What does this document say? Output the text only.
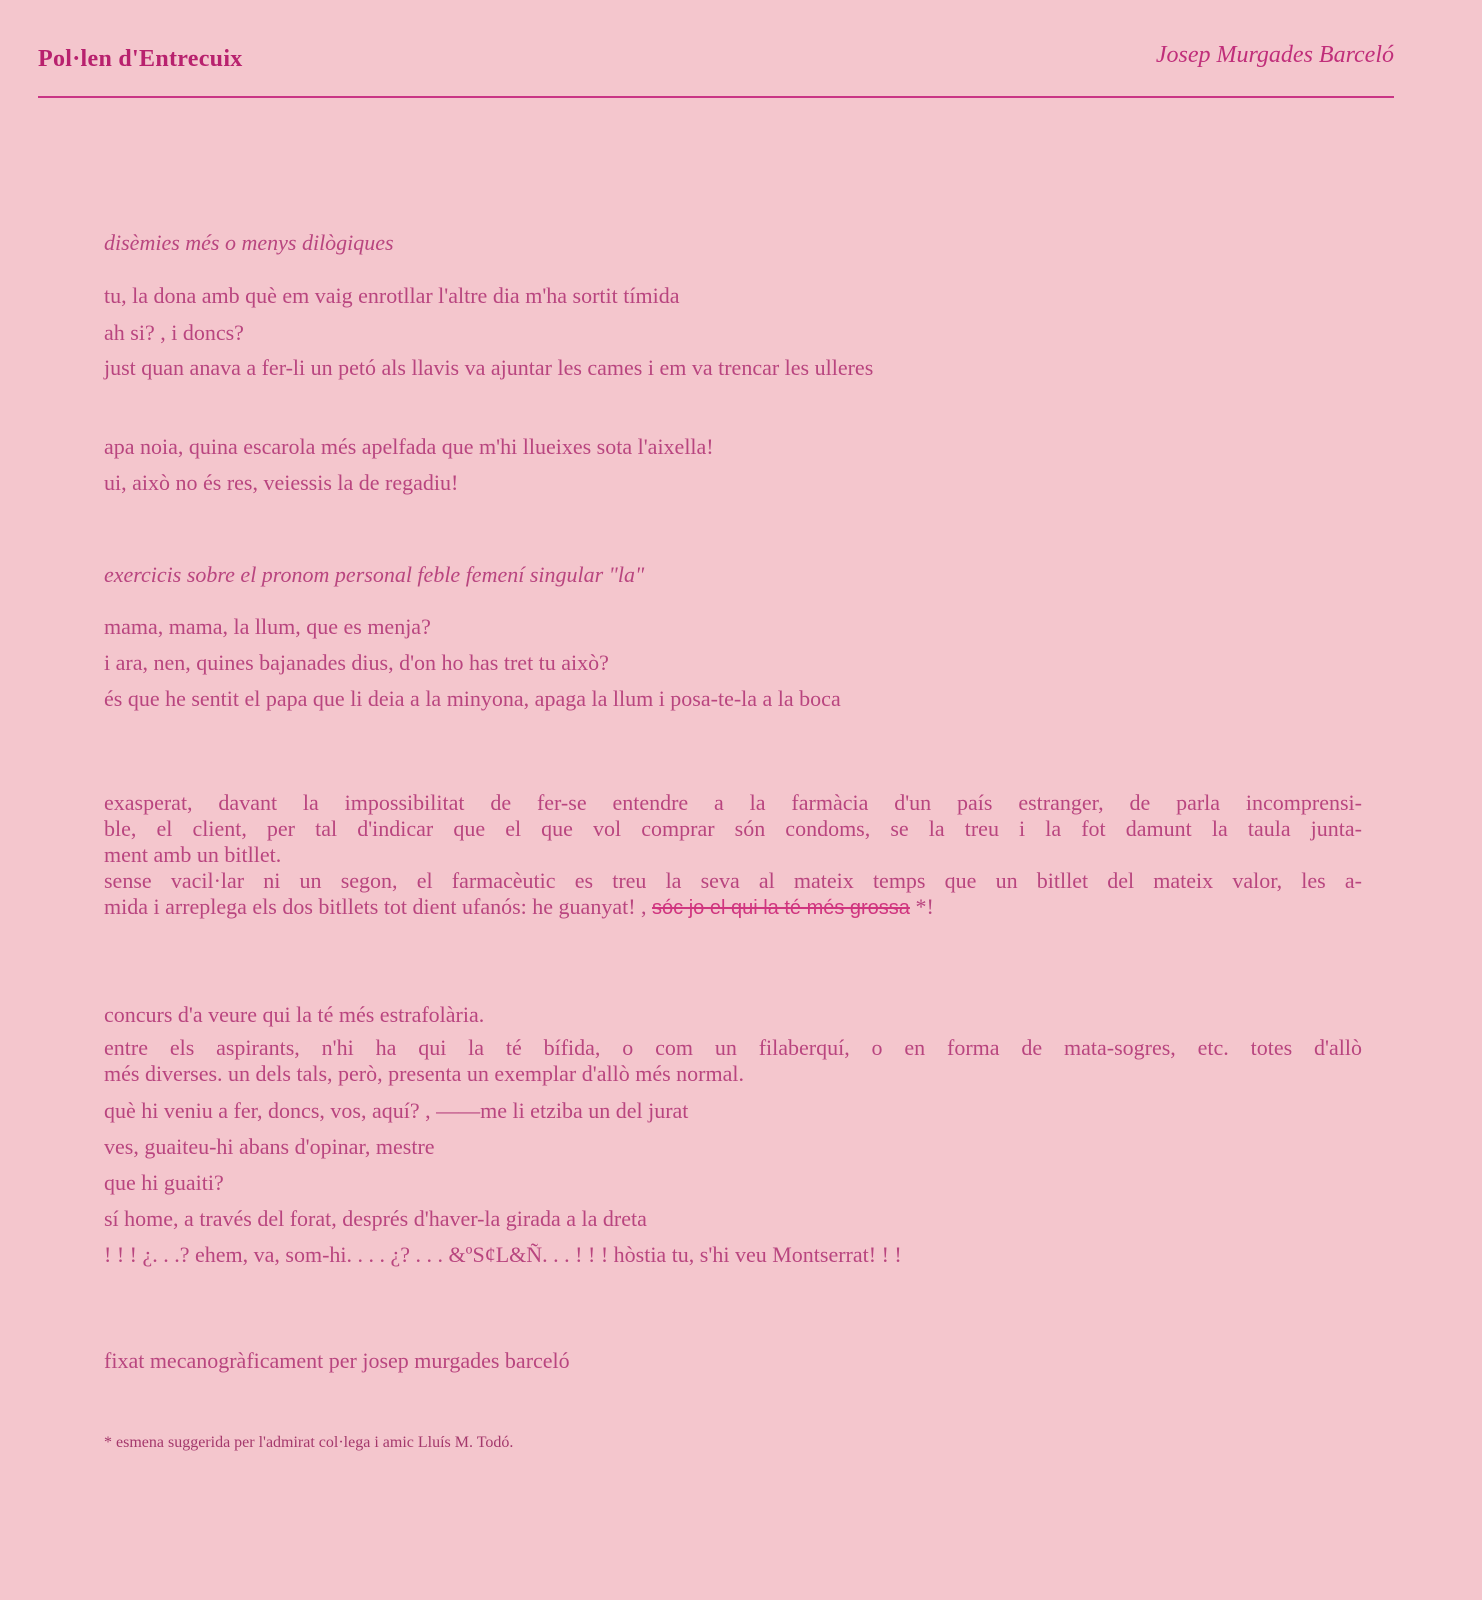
Pol·len d'Entrecuix	Josep Murgades Barceló
disèmies més o menys dilògiques
tu, la dona amb què em vaig enrotllar l'altre dia m'ha sortit tímida
ah si? , i doncs?
just quan anava a fer-li un petó als llavis va ajuntar les cames i em va trencar les ulleres
apa noia, quina escarola més apelfada que m'hi llueixes sota l'aixella!
ui, això no és res, veiessis la de regadiu!
exercicis sobre el pronom personal feble femení singular "la"
mama, mama, la llum, que es menja?
i ara, nen, quines bajanades dius, d'on ho has tret tu això?
és que he sentit el papa que li deia a la minyona, apaga la llum i posa-te-la a la boca
exasperat, davant la impossibilitat de fer-se entendre a la farmàcia d'un país estranger, de parla incomprensi-
ble, el client, per tal d'indicar que el que vol comprar són condoms, se la treu i la fot damunt la taula junta-
ment amb un bitllet.
sense vacil·lar ni un segon, el farmacèutic es treu la seva al mateix temps que un bitllet del mateix valor, les a-
mida i arreplega els dos bitllets tot dient ufanós: he guanyat! , sóc jo el qui la té més grossa *!
concurs d'a veure qui la té més estrafolària.
entre els aspirants, n'hi ha qui la té bífida, o com un filaberquí, o en forma de mata-sogres, etc. totes d'allò
més diverses. un dels tals, però, presenta un exemplar d'allò més normal.
què hi veniu a fer, doncs, vos, aquí? , ——me li etziba un del jurat
ves, guaiteu-hi abans d'opinar, mestre
que hi guaiti?
sí home, a través del forat, després d'haver-la girada a la dreta
! ! ! ¿. . .? ehem, va, som-hi. . . . ¿? . . . &ºS¢L&Ñ. . . ! ! ! hòstia tu, s'hi veu Montserrat! ! !
fixat mecanogràficament per josep murgades barceló
* esmena suggerida per l'admirat col·lega i amic Lluís M. Todó.
